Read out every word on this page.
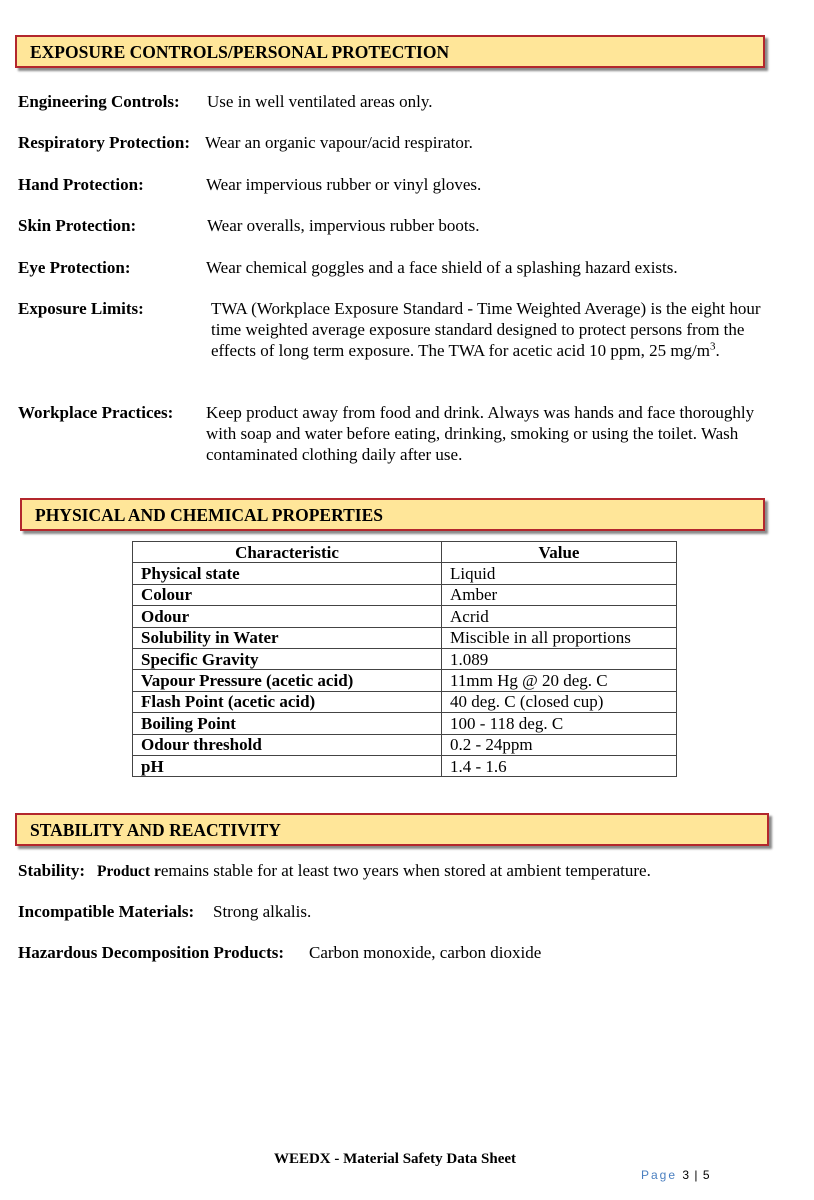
EXPOSURE CONTROLS/PERSONAL PROTECTION
Engineering Controls: Use in well ventilated areas only.
Respiratory Protection: Wear an organic vapour/acid respirator.
Hand Protection:	Wear impervious rubber or vinyl gloves.
Skin Protection:	Wear overalls, impervious rubber boots.
Eye Protection:	Wear chemical goggles and a face shield of a splashing hazard exists.
Exposure Limits:	TWA (Workplace Exposure Standard - Time Weighted Average) is the eight hour time weighted average exposure standard designed to protect persons from the effects of long term exposure. The TWA for acetic acid 10 ppm, 25 $mg/m^3$.
Workplace Practices: Keep product away from food and drink. Always was hands and face thoroughly with soap and water before eating, drinking, smoking or using the toilet. Wash contaminated clothing daily after use.
PHYSICAL AND CHEMICAL PROPERTIES
Characteristic	Value
Physical state	Liquid
Colour	Amber
Odour	Acrid
Solubility in Water	Miscible in all proportions
Specific Gravity	1.089
Vapour Pressure (acetic acid)	11mm Hg @ 20 deg. C
Flash Point (acetic acid)	40 deg. C (closed cup)
Boiling Point	100 - 118 deg. C
Odour threshold	0.2 - 24ppm
pH	1.4 - 1.6
STABILITY AND REACTIVITY
Stability: Product remains stable for at least two years when stored at ambient temperature.
Incompatible Materials: Strong alkalis.
Hazardous Decomposition Products: Carbon monoxide, carbon dioxide
WEEDX - Material Safety Data Sheet
Page 3 | 5
